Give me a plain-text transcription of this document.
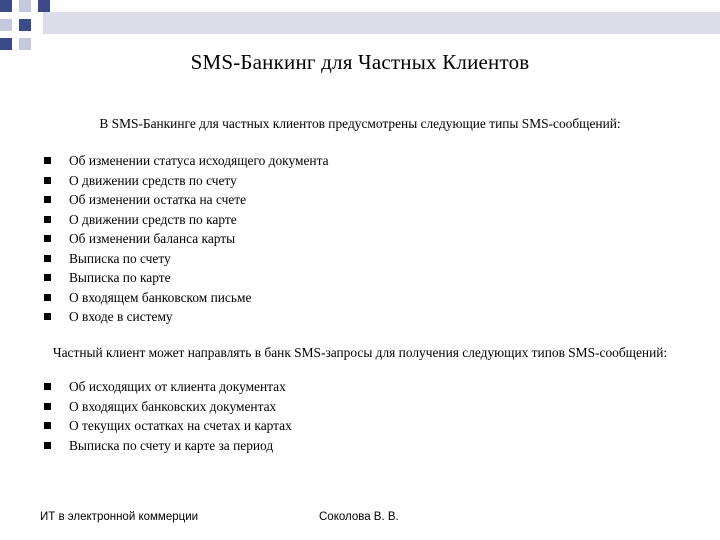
SMS-Банкинг для Частных Клиентов
В SMS-Банкинге для частных клиентов предусмотрены следующие типы SMS-сообщений:
Об изменении статуса исходящего документа
О движении средств по счету
Об изменении остатка на счете
О движении средств по карте
Об изменении баланса карты
Выписка по счету
Выписка по карте
О входящем банковском письме
О входе в систему
Частный клиент может направлять в банк SMS-запросы для получения следующих типов SMS-сообщений:
Об исходящих от клиента документах
О входящих банковских документах
О текущих остатках на счетах и картах
Выписка по счету и карте за период
ИТ в электронной коммерции	Соколова В. В.
